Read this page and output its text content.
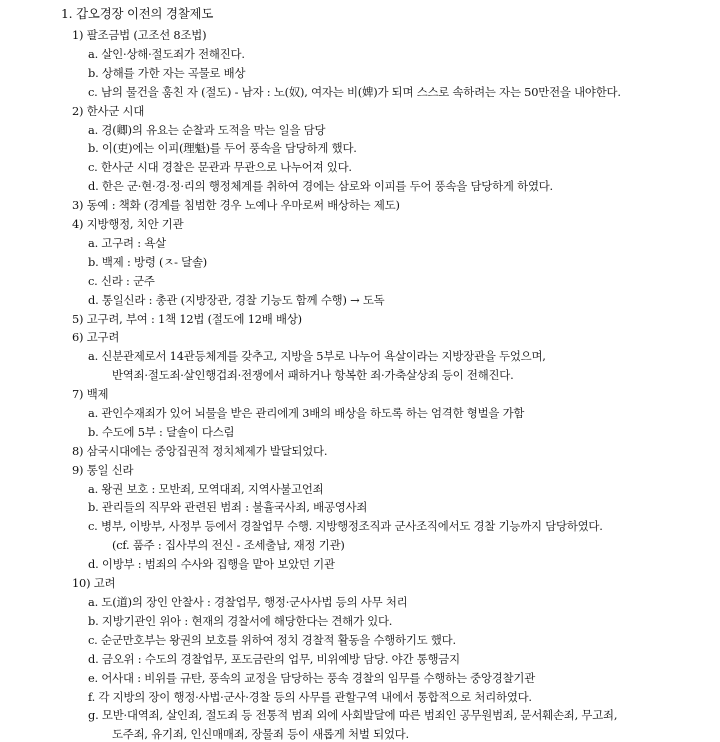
1. 갑오경장 이전의 경찰제도
1) 팔조금법 (고조선 8조법)
a. 살인·상해·절도죄가 전해진다.
b. 상해를 가한 자는 곡물로 배상
c. 남의 물건을 훔친 자 (절도) - 남자 : 노(奴), 여자는 비(婢)가 되며 스스로 속하려는 자는 50만전을 내야한다.
2) 한사군 시대
a. 경(卿)의 유요는 순찰과 도적을 막는 일을 담당
b. 이(吏)에는 이피(理魁)를 두어 풍속을 담당하게 했다.
c. 한사군 시대 경찰은 문관과 무관으로 나누어져 있다.
d. 한은 군·현·경·정·리의 행정체계를 취하여 경에는 삼로와 이피를 두어 풍속을 담당하게 하였다.
3) 동예 : 책화 (경계를 침범한 경우 노예나 우마로써 배상하는 제도)
4) 지방행정, 치안 기관
a. 고구려 : 욕살
b. 백제 : 방령 (ㅈ- 달솔)
c. 신라 : 군주
d. 통일신라 : 총관 (지방장관, 경찰 기능도 함께 수행) → 도독
5) 고구려, 부여 : 1책 12법 (절도에 12배 배상)
6) 고구려
a. 신분관제로서 14관등체계를 갖추고, 지방을 5부로 나누어 욕살이라는 지방장관을 두었으며,
반역죄·절도죄·살인행겁죄·전쟁에서 패하거나 항복한 죄·가축살상죄 등이 전해진다.
7) 백제
a. 관인수재죄가 있어 뇌물을 받은 관리에게 3배의 배상을 하도록 하는 엄격한 형벌을 가함
b. 수도에 5부 : 달솔이 다스림
8) 삼국시대에는 중앙집권적 정치체제가 발달되었다.
9) 통일 신라
a. 왕권 보호 : 모반죄, 모역대죄, 지역사불고언죄
b. 관리들의 직무와 관련된 범죄 : 불휼국사죄, 배공영사죄
c. 병부, 이방부, 사정부 등에서 경찰업무 수행. 지방행정조직과 군사조직에서도 경찰 기능까지 담당하였다.
(cf. 품주 : 집사부의 전신 - 조세출납, 재정 기관)
d. 이방부 : 범죄의 수사와 집행을 맡아 보았던 기관
10) 고려
a. 도(道)의 장인 안찰사 : 경찰업무, 행정·군사사법 등의 사무 처리
b. 지방기관인 위아 : 현재의 경찰서에 해당한다는 견해가 있다.
c. 순군만호부는 왕권의 보호를 위하여 정치 경찰적 활동을 수행하기도 했다.
d. 금오위 : 수도의 경찰업무, 포도금란의 업무, 비위예방 담당. 야간 통행금지
e. 어사대 : 비위를 규탄, 풍속의 교정을 담당하는 풍속 경찰의 임무를 수행하는 중앙경찰기관
f. 각 지방의 장이 행정·사법·군사·경찰 등의 사무를 관할구역 내에서 통합적으로 처리하였다.
g. 모반·대역죄, 살인죄, 절도죄 등 전통적 범죄 외에 사회발달에 따른 범죄인 공무원범죄, 문서훼손죄, 무고죄,
도주죄, 유기죄, 인신매매죄, 장물죄 등이 새롭게 처벌 되었다.
